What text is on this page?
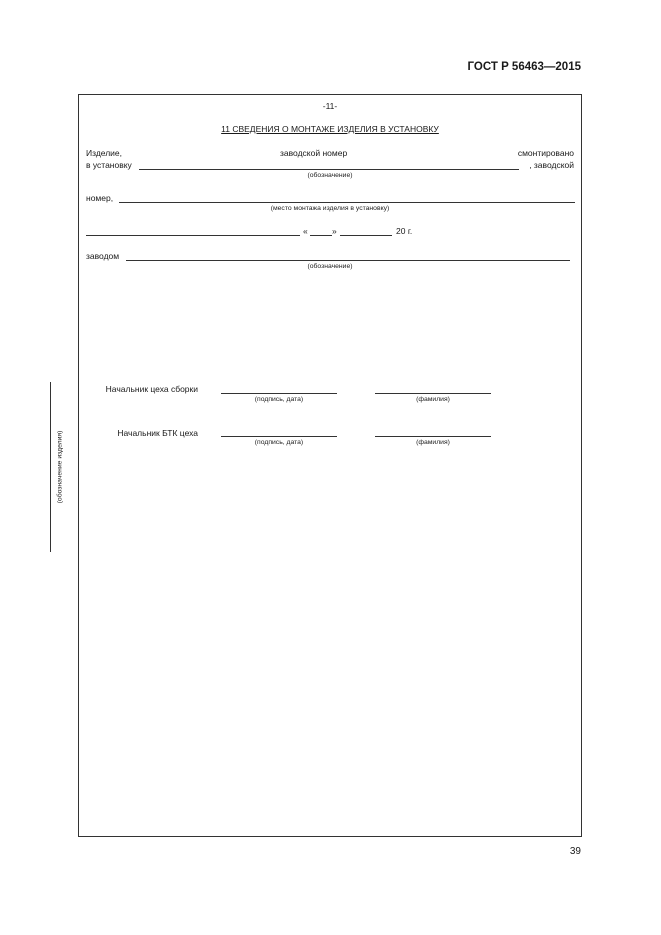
ГОСТ Р 56463—2015
-11-
11 СВЕДЕНИЯ О МОНТАЖЕ ИЗДЕЛИЯ В УСТАНОВКУ
Изделие,	заводской номер	смонтировано
в установку	, заводской
(обозначение)
номер,
(место монтажа изделия в установку)
«	»	20 г.
заводом
(обозначение)
Начальник цеха сборки
(подпись, дата)	(фамилия)
Начальник БТК цеха
(подпись, дата)	(фамилия)
(обозначение изделия)
39
